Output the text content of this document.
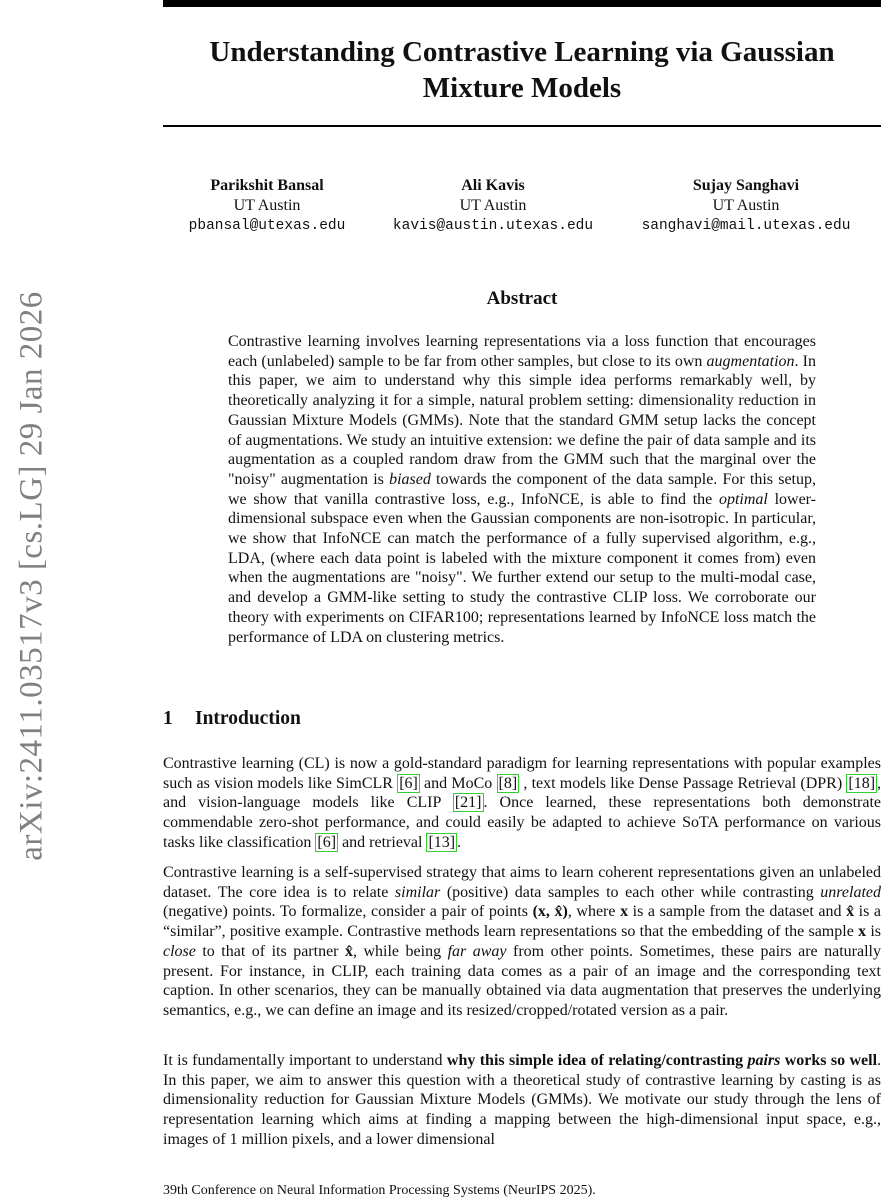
arXiv:2411.03517v3 [cs.LG] 29 Jan 2026
Understanding Contrastive Learning via Gaussian Mixture Models
Parikshit Bansal
UT Austin
pbansal@utexas.edu
Ali Kavis
UT Austin
kavis@austin.utexas.edu
Sujay Sanghavi
UT Austin
sanghavi@mail.utexas.edu
Abstract

Contrastive learning involves learning representations via a loss function that encourages each (unlabeled) sample to be far from other samples, but close to its own augmentation. In this paper, we aim to understand why this simple idea performs remarkably well, by theoretically analyzing it for a simple, natural problem setting: dimensionality reduction in Gaussian Mixture Models (GMMs). Note that the standard GMM setup lacks the concept of augmentations. We study an intuitive extension: we define the pair of data sample and its augmentation as a coupled random draw from the GMM such that the marginal over the "noisy" augmentation is biased towards the component of the data sample. For this setup, we show that vanilla contrastive loss, e.g., InfoNCE, is able to find the optimal lower-dimensional subspace even when the Gaussian components are non-isotropic. In particular, we show that InfoNCE can match the performance of a fully supervised algorithm, e.g., LDA, (where each data point is labeled with the mixture component it comes from) even when the augmentations are "noisy". We further extend our setup to the multi-modal case, and develop a GMM-like setting to study the contrastive CLIP loss. We corroborate our theory with experiments on CIFAR100; representations learned by InfoNCE loss match the performance of LDA on clustering metrics.

1 Introduction

Contrastive learning (CL) is now a gold-standard paradigm for learning representations with popular examples such as vision models like SimCLR [6] and MoCo [8] , text models like Dense Passage Retrieval (DPR) [18] , and vision-language models like CLIP [21] . Once learned, these representations both demonstrate commendable zero-shot performance, and could easily be adapted to achieve SoTA performance on various tasks like classification [6] and retrieval [13] .

Contrastive learning is a self-supervised strategy that aims to learn coherent representations given an unlabeled dataset. The core idea is to relate similar (positive) data samples to each other while contrasting unrelated (negative) points. To formalize, consider a pair of points (x, x̂), where x is a sample from the dataset and x̂ is a “similar”, positive example. Contrastive methods learn representations so that the embedding of the sample x is close to that of its partner x̂, while being far away from other points. Sometimes, these pairs are naturally present. For instance, in CLIP, each training data comes as a pair of an image and the corresponding text caption. In other scenarios, they can be manually obtained via data augmentation that preserves the underlying semantics, e.g., we can define an image and its resized/cropped/rotated version as a pair.

It is fundamentally important to understand why this simple idea of relating/contrasting pairs works so well. In this paper, we aim to answer this question with a theoretical study of contrastive learning by casting is as dimensionality reduction for Gaussian Mixture Models (GMMs). We motivate our study through the lens of representation learning which aims at finding a mapping between the high-dimensional input space, e.g., images of 1 million pixels, and a lower dimensional

39th Conference on Neural Information Processing Systems (NeurIPS 2025).
